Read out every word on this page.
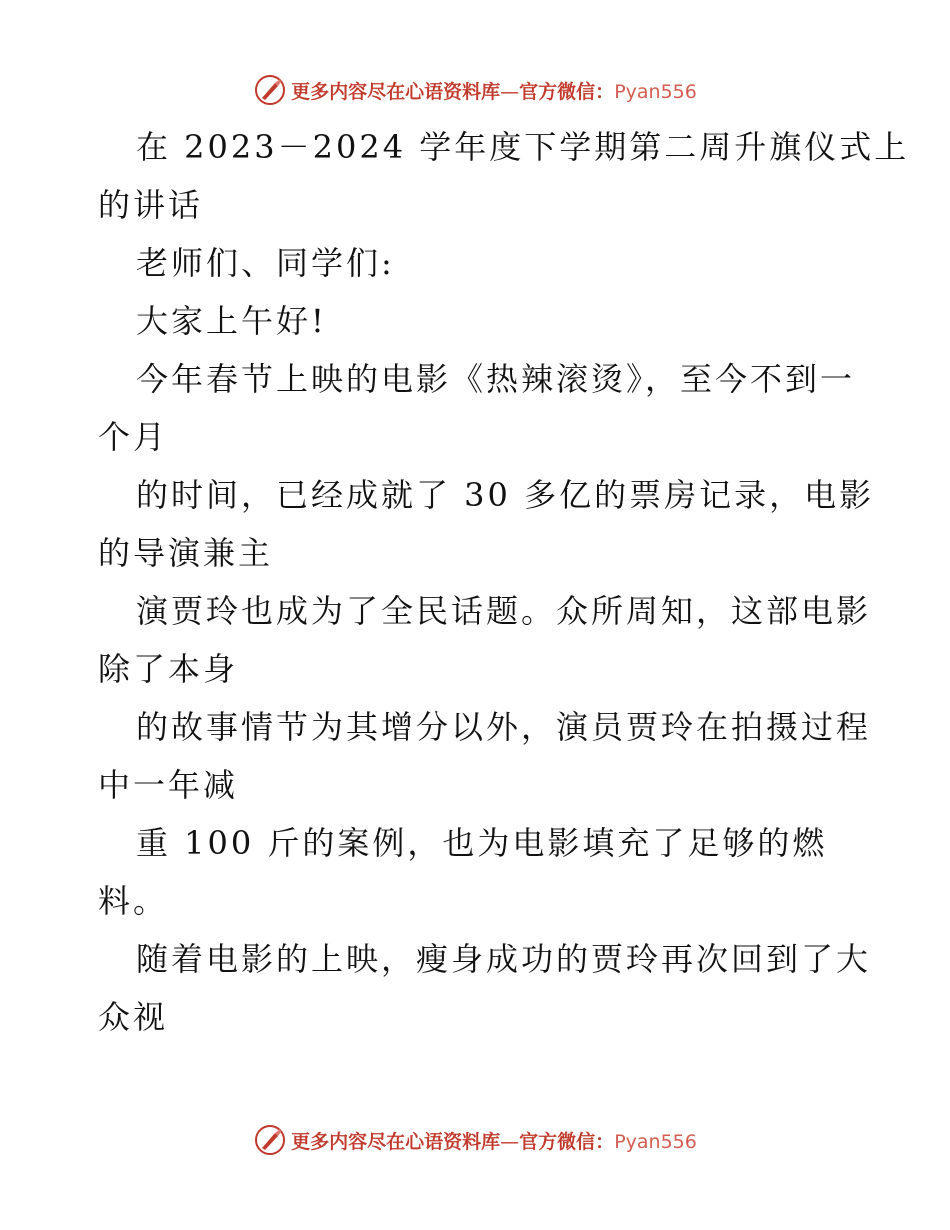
更多内容尽在心语资料库—官方微信：Pyan556
在 2023－2024 学年度下学期第二周升旗仪式上
的讲话
老师们、同学们:
大家上午好!
今年春节上映的电影《热辣滚烫》，至今不到一
个月
的时间，已经成就了 30 多亿的票房记录，电影
的导演兼主
演贾玲也成为了全民话题。众所周知，这部电影
除了本身
的故事情节为其增分以外，演员贾玲在拍摄过程
中一年减
重 100 斤的案例，也为电影填充了足够的燃
料。
随着电影的上映，瘦身成功的贾玲再次回到了大
众视
更多内容尽在心语资料库—官方微信：Pyan556
